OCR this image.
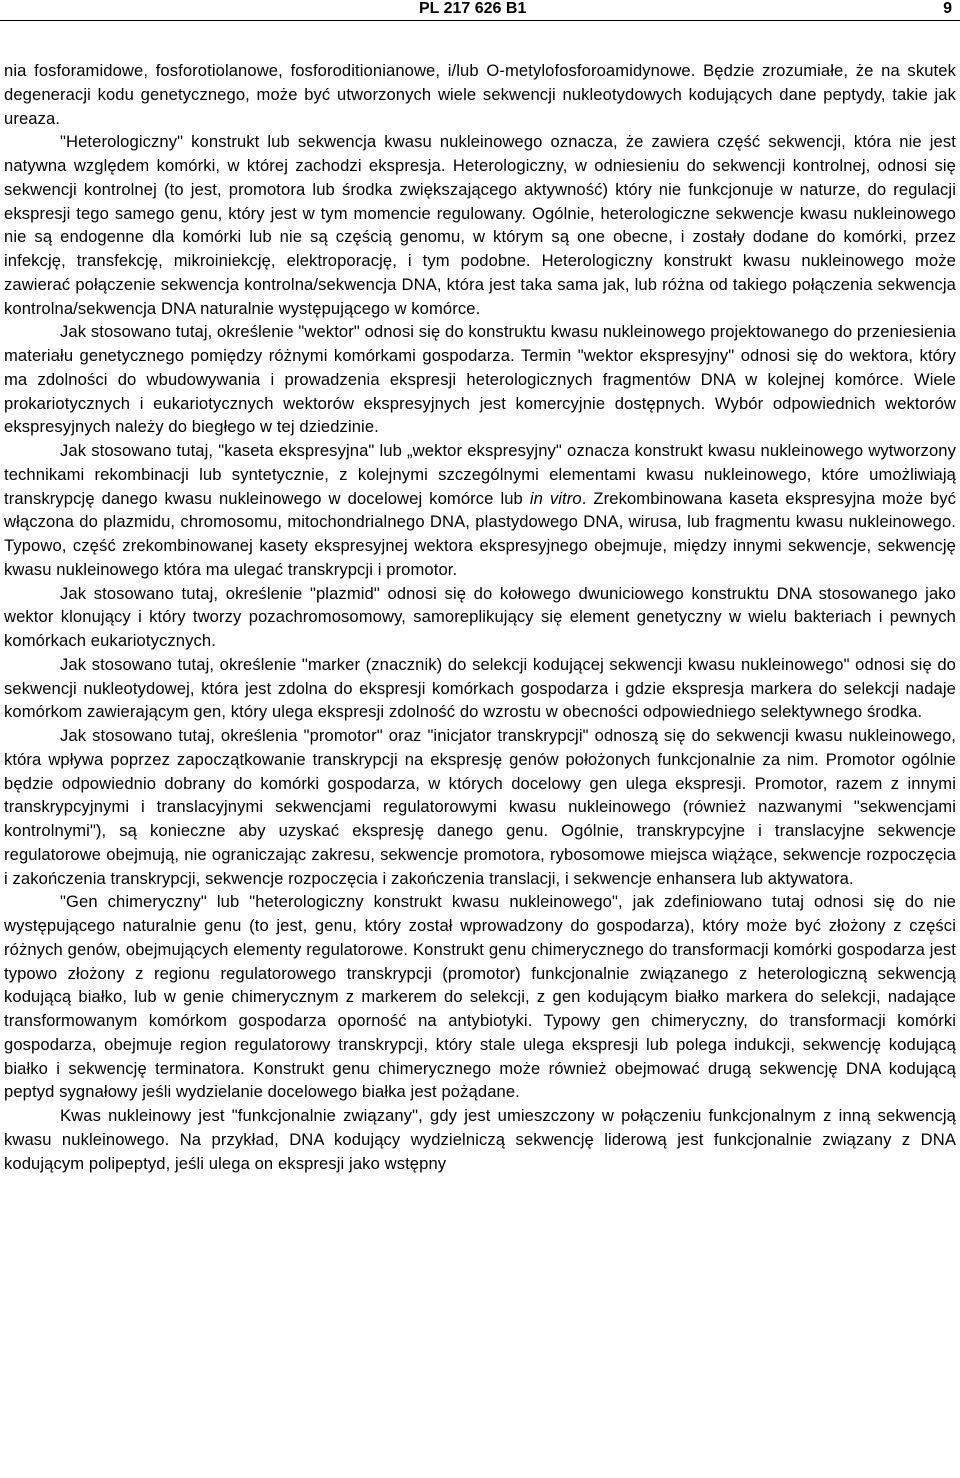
PL 217 626 B1	9

nia fosforamidowe, fosforotiolanowe, fosforoditionianowe, i/lub O-metylofosforoamidynowe. Będzie zrozumiałe, że na skutek degeneracji kodu genetycznego, może być utworzonych wiele sekwencji nukleotydowych kodujących dane peptydy, takie jak ureaza.

"Heterologiczny" konstrukt lub sekwencja kwasu nukleinowego oznacza, że zawiera część sekwencji, która nie jest natywna względem komórki, w której zachodzi ekspresja. Heterologiczny, w odniesieniu do sekwencji kontrolnej, odnosi się sekwencji kontrolnej (to jest, promotora lub środka zwiększającego aktywność) który nie funkcjonuje w naturze, do regulacji ekspresji tego samego genu, który jest w tym momencie regulowany. Ogólnie, heterologiczne sekwencje kwasu nukleinowego nie są endogenne dla komórki lub nie są częścią genomu, w którym są one obecne, i zostały dodane do komórki, przez infekcję, transfekcję, mikroiniekcję, elektroporację, i tym podobne. Heterologiczny konstrukt kwasu nukleinowego może zawierać połączenie sekwencja kontrolna/sekwencja DNA, która jest taka sama jak, lub różna od takiego połączenia sekwencja kontrolna/sekwencja DNA naturalnie występującego w komórce.

Jak stosowano tutaj, określenie "wektor" odnosi się do konstruktu kwasu nukleinowego projektowanego do przeniesienia materiału genetycznego pomiędzy różnymi komórkami gospodarza. Termin "wektor ekspresyjny" odnosi się do wektora, który ma zdolności do wbudowywania i prowadzenia ekspresji heterologicznych fragmentów DNA w kolejnej komórce. Wiele prokariotycznych i eukariotycznych wektorów ekspresyjnych jest komercyjnie dostępnych. Wybór odpowiednich wektorów ekspresyjnych należy do biegłego w tej dziedzinie.

Jak stosowano tutaj, "kaseta ekspresyjna" lub „wektor ekspresyjny" oznacza konstrukt kwasu nukleinowego wytworzony technikami rekombinacji lub syntetycznie, z kolejnymi szczególnymi elementami kwasu nukleinowego, które umożliwiają transkrypcję danego kwasu nukleinowego w docelowej komórce lub in vitro. Zrekombinowana kaseta ekspresyjna może być włączona do plazmidu, chromosomu, mitochondrialnego DNA, plastydowego DNA, wirusa, lub fragmentu kwasu nukleinowego. Typowo, część zrekombinowanej kasety ekspresyjnej wektora ekspresyjnego obejmuje, między innymi sekwencje, sekwencję kwasu nukleinowego która ma ulegać transkrypcji i promotor.

Jak stosowano tutaj, określenie "plazmid" odnosi się do kołowego dwuniciowego konstruktu DNA stosowanego jako wektor klonujący i który tworzy pozachromosomowy, samoreplikujący się element genetyczny w wielu bakteriach i pewnych komórkach eukariotycznych.

Jak stosowano tutaj, określenie "marker (znacznik) do selekcji kodującej sekwencji kwasu nukleinowego" odnosi się do sekwencji nukleotydowej, która jest zdolna do ekspresji komórkach gospodarza i gdzie ekspresja markera do selekcji nadaje komórkom zawierającym gen, który ulega ekspresji zdolność do wzrostu w obecności odpowiedniego selektywnego środka.

Jak stosowano tutaj, określenia "promotor" oraz "inicjator transkrypcji" odnoszą się do sekwencji kwasu nukleinowego, która wpływa poprzez zapoczątkowanie transkrypcji na ekspresję genów położonych funkcjonalnie za nim. Promotor ogólnie będzie odpowiednio dobrany do komórki gospodarza, w których docelowy gen ulega ekspresji. Promotor, razem z innymi transkrypcyjnymi i translacyjnymi sekwencjami regulatorowymi kwasu nukleinowego (również nazwanymi "sekwencjami kontrolnymi"), są konieczne aby uzyskać ekspresję danego genu. Ogólnie, transkrypcyjne i translacyjne sekwencje regulatorowe obejmują, nie ograniczając zakresu, sekwencje promotora, rybosomowe miejsca wiążące, sekwencje rozpoczęcia i zakończenia transkrypcji, sekwencje rozpoczęcia i zakończenia translacji, i sekwencje enhansera lub aktywatora.

"Gen chimeryczny" lub "heterologiczny konstrukt kwasu nukleinowego", jak zdefiniowano tutaj odnosi się do nie występującego naturalnie genu (to jest, genu, który został wprowadzony do gospodarza), który może być złożony z części różnych genów, obejmujących elementy regulatorowe. Konstrukt genu chimerycznego do transformacji komórki gospodarza jest typowo złożony z regionu regulatorowego transkrypcji (promotor) funkcjonalnie związanego z heterologiczną sekwencją kodującą białko, lub w genie chimerycznym z markerem do selekcji, z gen kodującym białko markera do selekcji, nadające transformowanym komórkom gospodarza oporność na antybiotyki. Typowy gen chimeryczny, do transformacji komórki gospodarza, obejmuje region regulatorowy transkrypcji, który stale ulega ekspresji lub polega indukcji, sekwencję kodującą białko i sekwencję terminatora. Konstrukt genu chimerycznego może również obejmować drugą sekwencję DNA kodującą peptyd sygnałowy jeśli wydzielanie docelowego białka jest pożądane.

Kwas nukleinowy jest "funkcjonalnie związany", gdy jest umieszczony w połączeniu funkcjonalnym z inną sekwencją kwasu nukleinowego. Na przykład, DNA kodujący wydzielniczą sekwencję liderową jest funkcjonalnie związany z DNA kodującym polipeptyd, jeśli ulega on ekspresji jako wstępny
